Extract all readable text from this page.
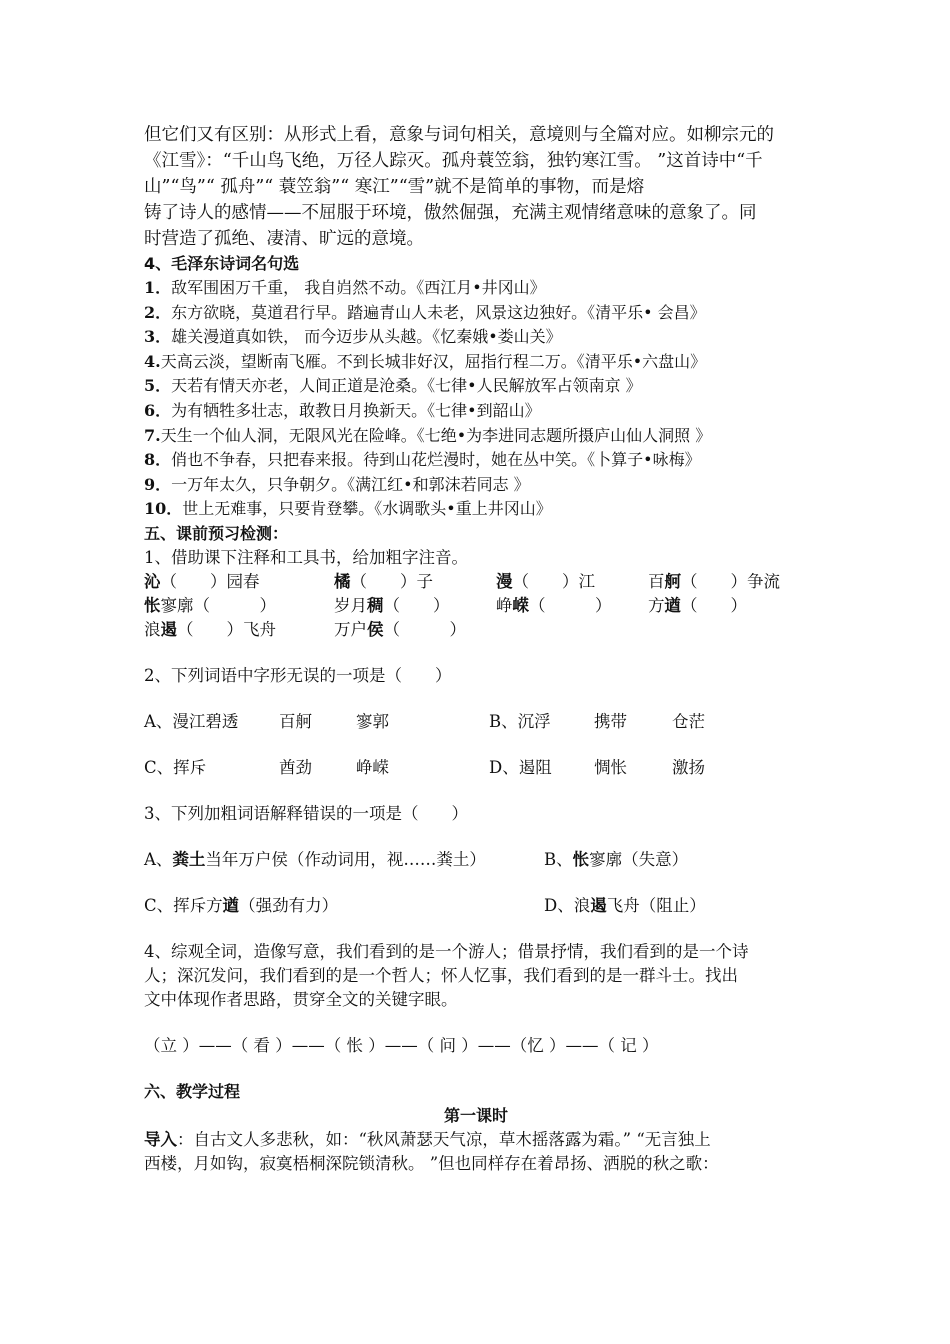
但它们又有区别：从形式上看，意象与词句相关，意境则与全篇对应。如柳宗元的

《江雪》：“千山鸟飞绝，万径人踪灭。孤舟蓑笠翁，独钓寒江雪。 ”这首诗中“千

山”“鸟”“ 孤舟”“ 蓑笠翁”“ 寒江”“雪”就不是简单的事物，而是熔

铸了诗人的感情——不屈服于环境，傲然倔强，充满主观情绪意味的意象了。同

时营造了孤绝、凄清、旷远的意境。

4、毛泽东诗词名句选

1．敌军围困万千重， 我自岿然不动。《西江月•井冈山》

2．东方欲晓，莫道君行早。踏遍青山人未老，风景这边独好。《清平乐• 会昌》

3．雄关漫道真如铁， 而今迈步从头越。《忆秦娥•娄山关》

4.天高云淡，望断南飞雁。不到长城非好汉，屈指行程二万。《清平乐•六盘山》

5．天若有情天亦老，人间正道是沧桑。《七律•人民解放军占领南京 》

6．为有牺牲多壮志，敢教日月换新天。《七律•到韶山》

7.天生一个仙人洞，无限风光在险峰。《七绝•为李进同志题所摄庐山仙人洞照 》

8．俏也不争春，只把春来报。待到山花烂漫时，她在丛中笑。《卜算子•咏梅》

9．一万年太久，只争朝夕。《满江红•和郭沫若同志 》

10．世上无难事，只要肯登攀。《水调歌头•重上井冈山》

五、课前预习检测：

1、借助课下注释和工具书，给加粗字注音。

沁（　　）园春	橘（　　）子	漫（　　）江	百舸（　　）争流
怅寥廓（　　　）	岁月稠（　　）	峥嵘（　　　） 方遒（　　）
浪遏（　　）飞舟	万户侯（　　　）

2、下列词语中字形无误的一项是（　　）

A、漫江碧透 百舸	寥郭	B、沉浮	携带	仓茫
C、挥斥	酋劲	峥嵘	D、遏阻	惆怅	激扬

3、下列加粗词语解释错误的一项是（　　）

A、粪土当年万户侯（作动词用，视……粪土）	B、怅寥廓（失意）
C、挥斥方遒（强劲有力）	D、浪遏飞舟（阻止）

4、综观全词，造像写意，我们看到的是一个游人；借景抒情，我们看到的是一个诗

人；深沉发问，我们看到的是一个哲人；怀人忆事，我们看到的是一群斗士。找出

文中体现作者思路，贯穿全文的关键字眼。

（立 ）——（ 看 ）——（ 怅 ）——（ 问 ）——（忆 ）——（ 记 ）

六、教学过程

第一课时

导入：自古文人多悲秋，如：“秋风萧瑟天气凉，草木摇落露为霜。” “无言独上

西楼，月如钩，寂寞梧桐深院锁清秋。 ”但也同样存在着昂扬、洒脱的秋之歌：
